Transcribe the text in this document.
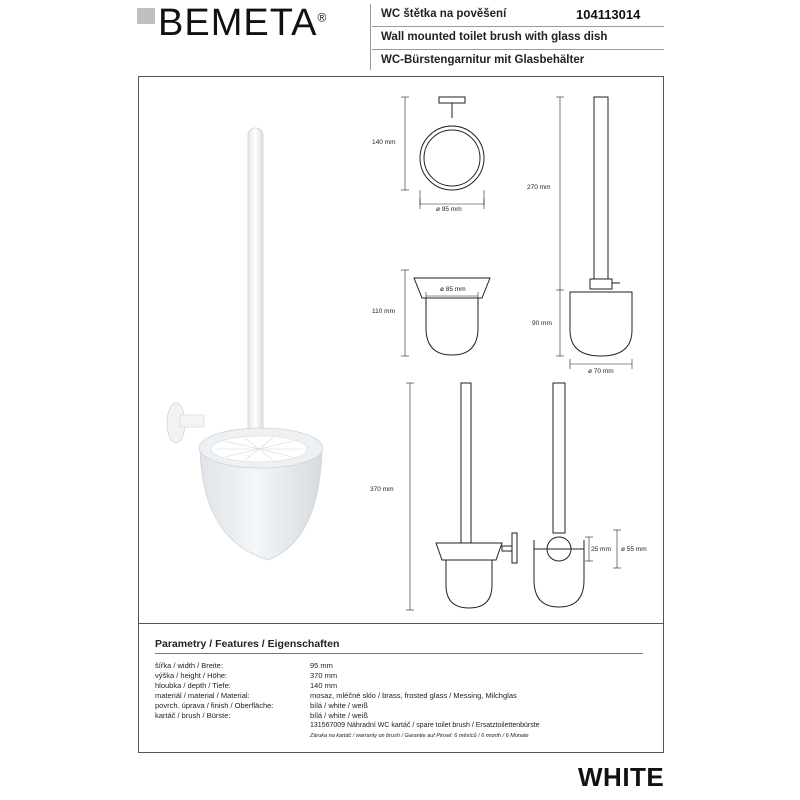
BEMETA®	WC štětka na pověšení
Wall mounted toilet brush with glass dish
WC-Bürstengarnitur mit Glasbehälter
104113014
140 mm
ø 95 mm
270 mm
110 mm
ø 85 mm
90 mm
ø 70 mm
370 mm
25 mm ø 55 mm
Parametry / Features / Eigenschaften
šířka / width / Breite:	95 mm
výška / height / Höhe:	370 mm
hloubka / depth / Tiefe:	140 mm
materiál / material / Material:	mosaz, mléčné sklo / brass, frosted glass / Messing, Milchglas
povrch. úprava / finish / Oberfläche:	bílá / white / weiß
kartáč / brush / Bürste:	bílá / white / weiß
131567009 Náhradní WC kartáč / spare toilet brush / Ersatztoilettenbürste
Záruka na kartáč / warranty on brush / Garantie auf Pinsel: 6 měsíců / 6 month / 6 Monate
WHITE
